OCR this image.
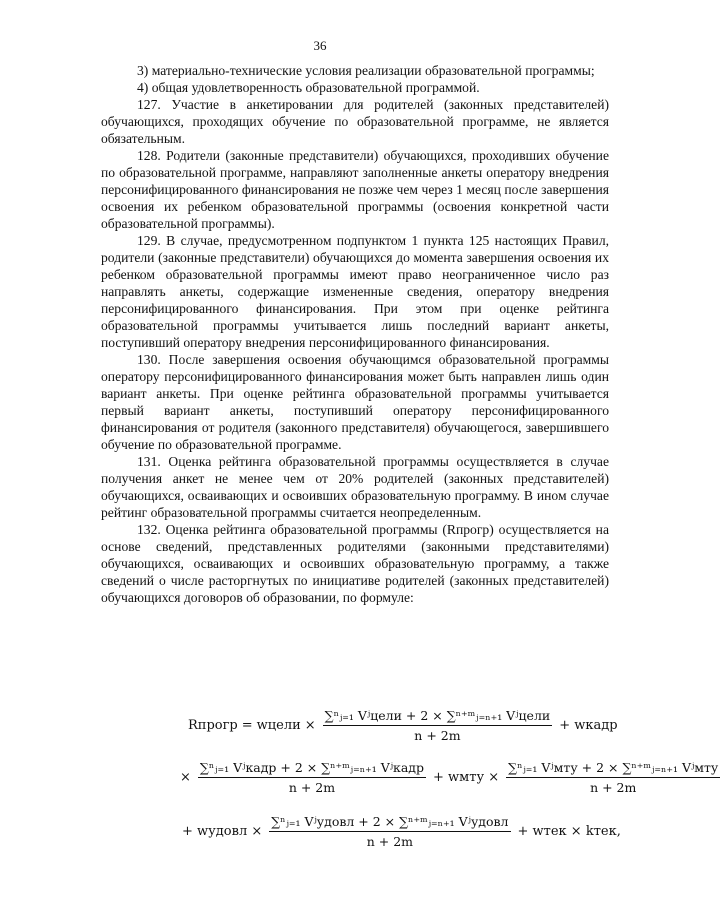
36

3) материально-технические условия реализации образовательной программы;

4) общая удовлетворенность образовательной программой.

127. Участие в анкетировании для родителей (законных представителей) обучающихся, проходящих обучение по образовательной программе, не является обязательным.

128. Родители (законные представители) обучающихся, проходивших обучение по образовательной программе, направляют заполненные анкеты оператору внедрения персонифицированного финансирования не позже чем через 1 месяц после завершения освоения их ребенком образовательной программы (освоения конкретной части образовательной программы).

129. В случае, предусмотренном подпунктом 1 пункта 125 настоящих Правил, родители (законные представители) обучающихся до момента завершения освоения их ребенком образовательной программы имеют право неограниченное число раз направлять анкеты, содержащие измененные сведения, оператору внедрения персонифицированного финансирования. При этом при оценке рейтинга образовательной программы учитывается лишь последний вариант анкеты, поступивший оператору внедрения персонифицированного финансирования.

130. После завершения освоения обучающимся образовательной программы оператору персонифицированного финансирования может быть направлен лишь один вариант анкеты. При оценке рейтинга образовательной программы учитывается первый вариант анкеты, поступивший оператору персонифицированного финансирования от родителя (законного представителя) обучающегося, завершившего обучение по образовательной программе.

131. Оценка рейтинга образовательной программы осуществляется в случае получения анкет не менее чем от 20% родителей (законных представителей) обучающихся, осваивающих и освоивших образовательную программу. В ином случае рейтинг образовательной программы считается неопределенным.

132. Оценка рейтинга образовательной программы (Rпрогр) осуществляется на основе сведений, представленных родителями (законными представителями) обучающихся, осваивающих и освоивших образовательную программу, а также сведений о числе расторгнутых по инициативе родителей (законных представителей) обучающихся договоров об образовании, по формуле:

Rпрогр = wцели × $\frac{\text{∑ⁿⱼ₌₁ Vʲцели + 2 × ∑ⁿ⁺ᵐⱼ₌ₙ₊₁ Vʲцели}}{n + 2m}$ + wкадр
× $\frac{\text{∑ⁿⱼ₌₁ Vʲкадр + 2 × ∑ⁿ⁺ᵐⱼ₌ₙ₊₁ Vʲкадр}}{n + 2m}$ + wмту × $\frac{\text{∑ⁿⱼ₌₁ Vʲмту + 2 × ∑ⁿ⁺ᵐⱼ₌ₙ₊₁ Vʲмту}}{n + 2m}$
+ wудовл × $\frac{\text{∑ⁿⱼ₌₁ Vʲудовл + 2 × ∑ⁿ⁺ᵐⱼ₌ₙ₊₁ Vʲудовл}}{n + 2m}$ + wтек × kтек,
